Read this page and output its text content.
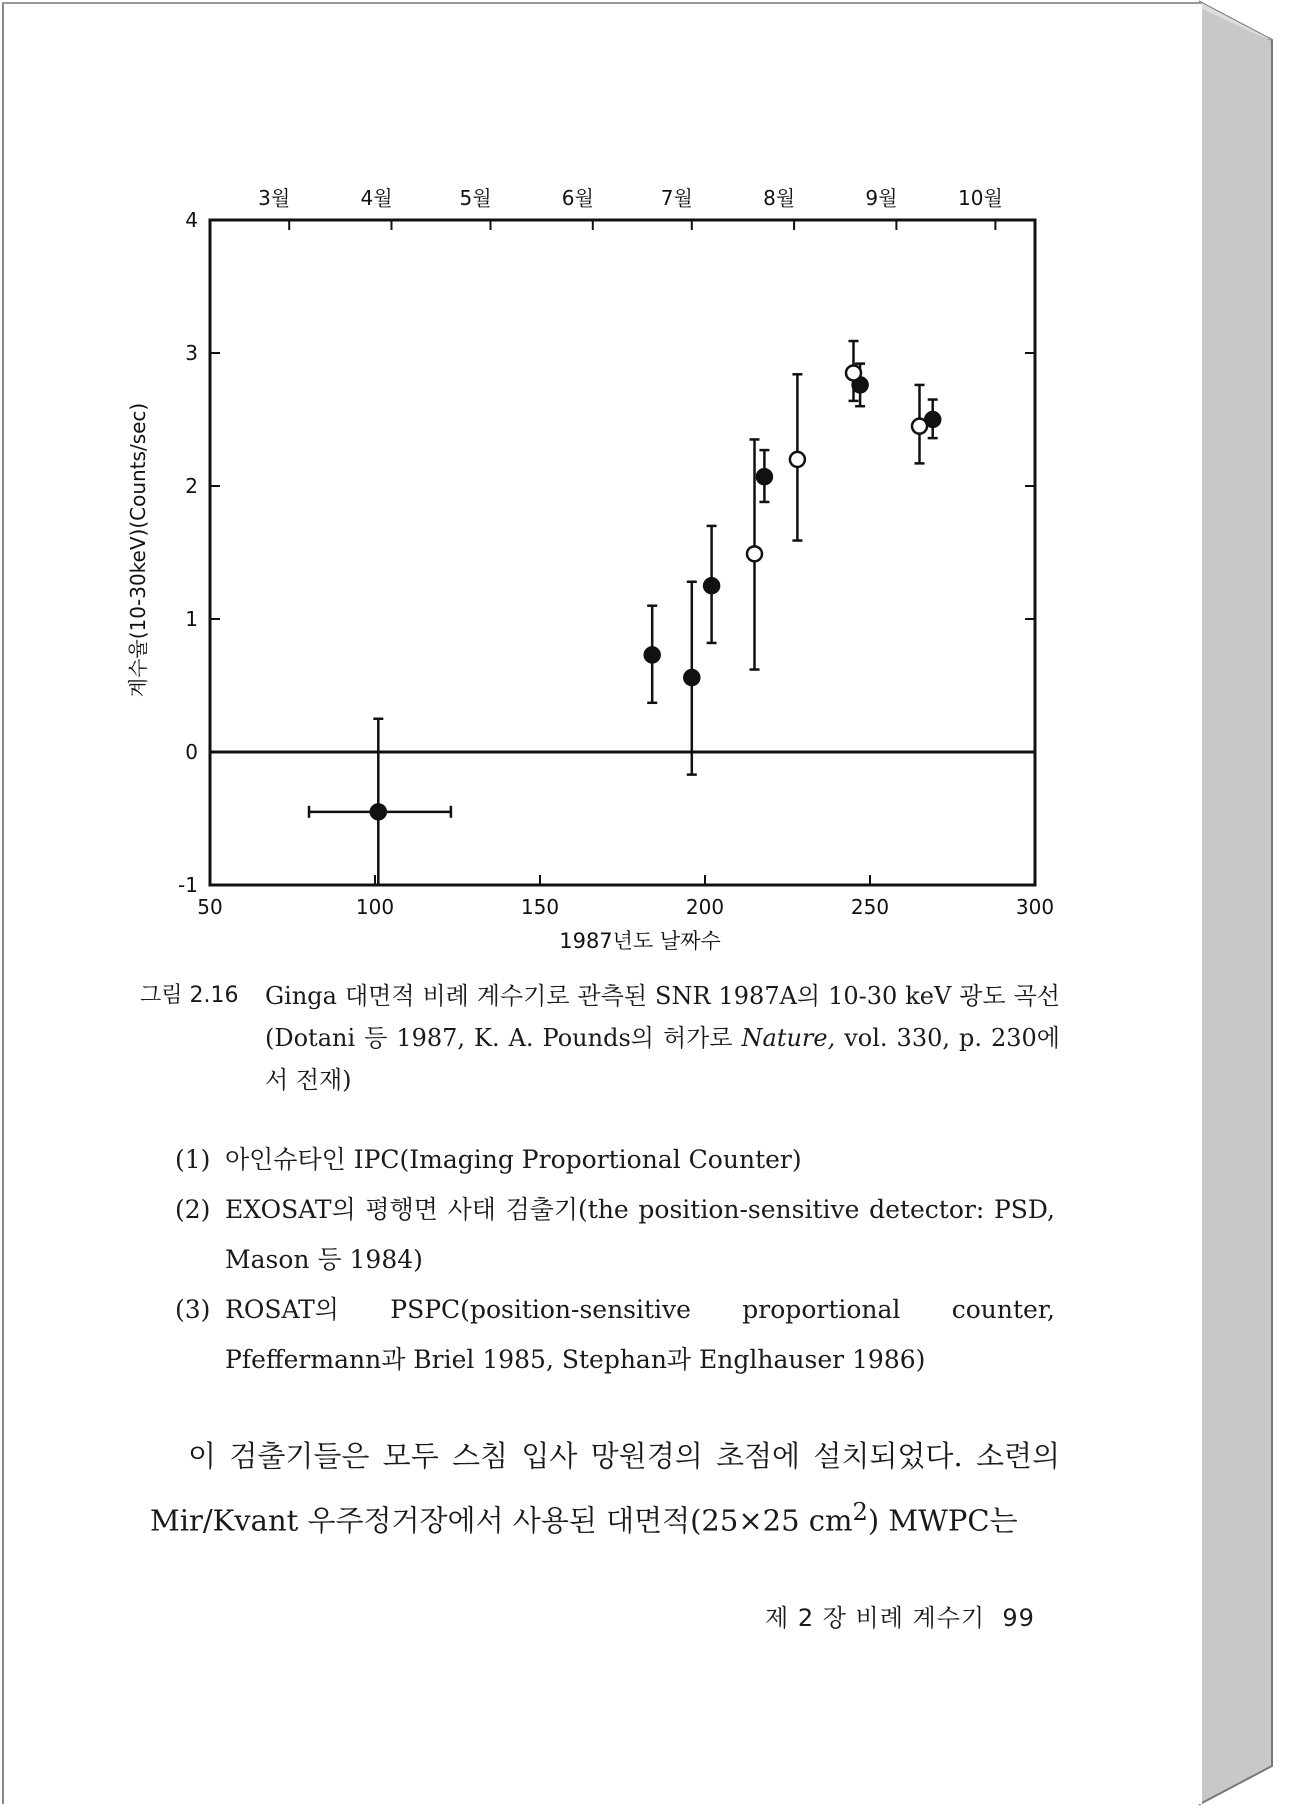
50	100	150	200	250	300
-1
0
1
2
3
4
3월	4월	5월	6월	7월	8월	9월	10월
1987년도 날짜수
계수율(10-30keV)(Counts/sec)
그림 2.16	Ginga 대면적 비례 계수기로 관측된 SNR 1987A의 10-30 keV 광도 곡선(Dotani 등 1987, K. A. Pounds의 허가로 Nature, vol. 330, p. 230에서 전재)
(1) 아인슈타인 IPC(Imaging Proportional Counter)
(2) EXOSAT의 평행면 사태 검출기(the position-sensitive detector: PSD, Mason 등 1984)
(3) ROSAT의 PSPC(position-sensitive proportional counter, Pfeffermann과 Briel 1985, Stephan과 Englhauser 1986)
이 검출기들은 모두 스침 입사 망원경의 초점에 설치되었다. 소련의 Mir/Kvant 우주정거장에서 사용된 대면적(25×25 $cm^2$) MWPC는
제 2 장 비례 계수기 99
